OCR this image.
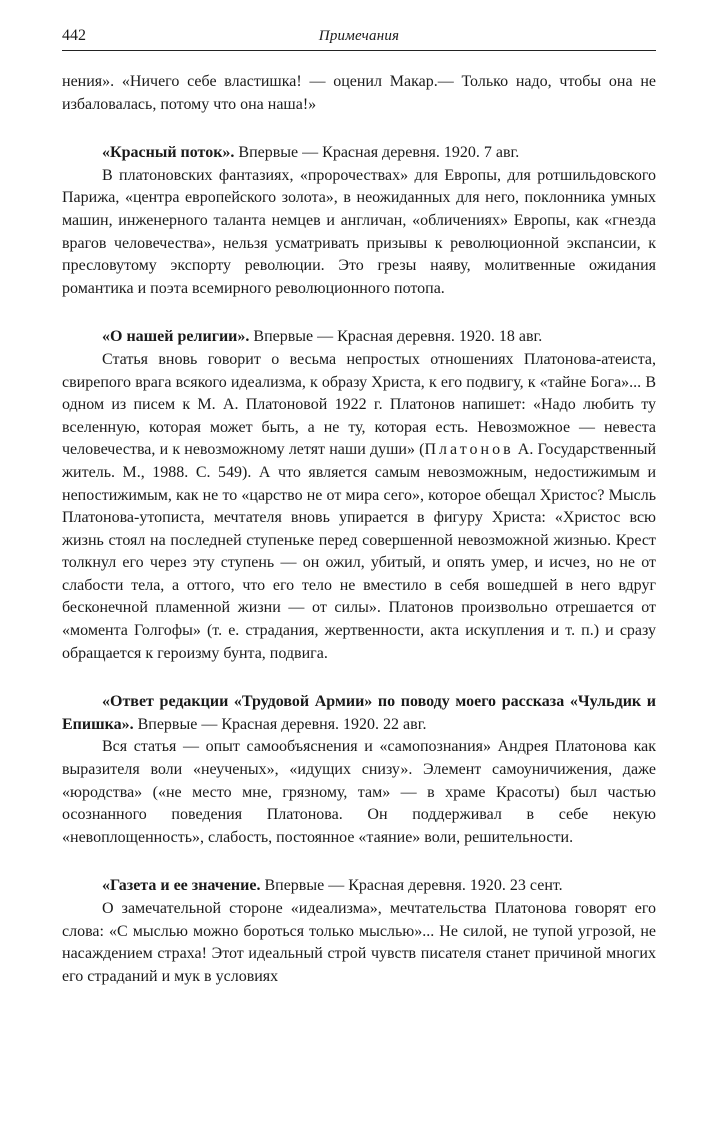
442	Примечания

нения». «Ничего себе властишка! — оценил Макар.— Только надо, чтобы она не избаловалась, потому что она наша!»

«Красный поток». Впервые — Красная деревня. 1920. 7 авг.

В платоновских фантазиях, «пророчествах» для Европы, для ротшильдовского Парижа, «центра европейского золота», в неожиданных для него, поклонника умных машин, инженерного таланта немцев и англичан, «обличениях» Европы, как «гнезда врагов человечества», нельзя усматривать призывы к революционной экспансии, к пресловутому экспорту революции. Это грезы наяву, молитвенные ожидания романтика и поэта всемирного революционного потопа.

«О нашей религии». Впервые — Красная деревня. 1920. 18 авг.

Статья вновь говорит о весьма непростых отношениях Платонова-атеиста, свирепого врага всякого идеализма, к образу Христа, к его подвигу, к «тайне Бога»... В одном из писем к М. А. Платоновой 1922 г. Платонов напишет: «Надо любить ту вселенную, которая может быть, а не ту, которая есть. Невозможное — невеста человечества, и к невозможному летят наши души» (Платонов А. Государственный житель. М., 1988. С. 549). А что является самым невозможным, недостижимым и непостижимым, как не то «царство не от мира сего», которое обещал Христос? Мысль Платонова-утописта, мечтателя вновь упирается в фигуру Христа: «Христос всю жизнь стоял на последней ступеньке перед совершенной невозможной жизнью. Крест толкнул его через эту ступень — он ожил, убитый, и опять умер, и исчез, но не от слабости тела, а оттого, что его тело не вместило в себя вошедшей в него вдруг бесконечной пламенной жизни — от силы». Платонов произвольно отрешается от «момента Голгофы» (т. е. страдания, жертвенности, акта искупления и т. п.) и сразу обращается к героизму бунта, подвига.

«Ответ редакции «Трудовой Армии» по поводу моего рассказа «Чульдик и Епишка». Впервые — Красная деревня. 1920. 22 авг.

Вся статья — опыт самообъяснения и «самопознания» Андрея Платонова как выразителя воли «неученых», «идущих снизу». Элемент самоуничижения, даже «юродства» («не место мне, грязному, там» — в храме Красоты) был частью осознанного поведения Платонова. Он поддерживал в себе некую «невоплощенность», слабость, постоянное «таяние» воли, решительности.

«Газета и ее значение. Впервые — Красная деревня. 1920. 23 сент.

О замечательной стороне «идеализма», мечтательства Платонова говорят его слова: «С мыслью можно бороться только мыслью»... Не силой, не тупой угрозой, не насаждением страха! Этот идеальный строй чувств писателя станет причиной многих его страданий и мук в условиях
